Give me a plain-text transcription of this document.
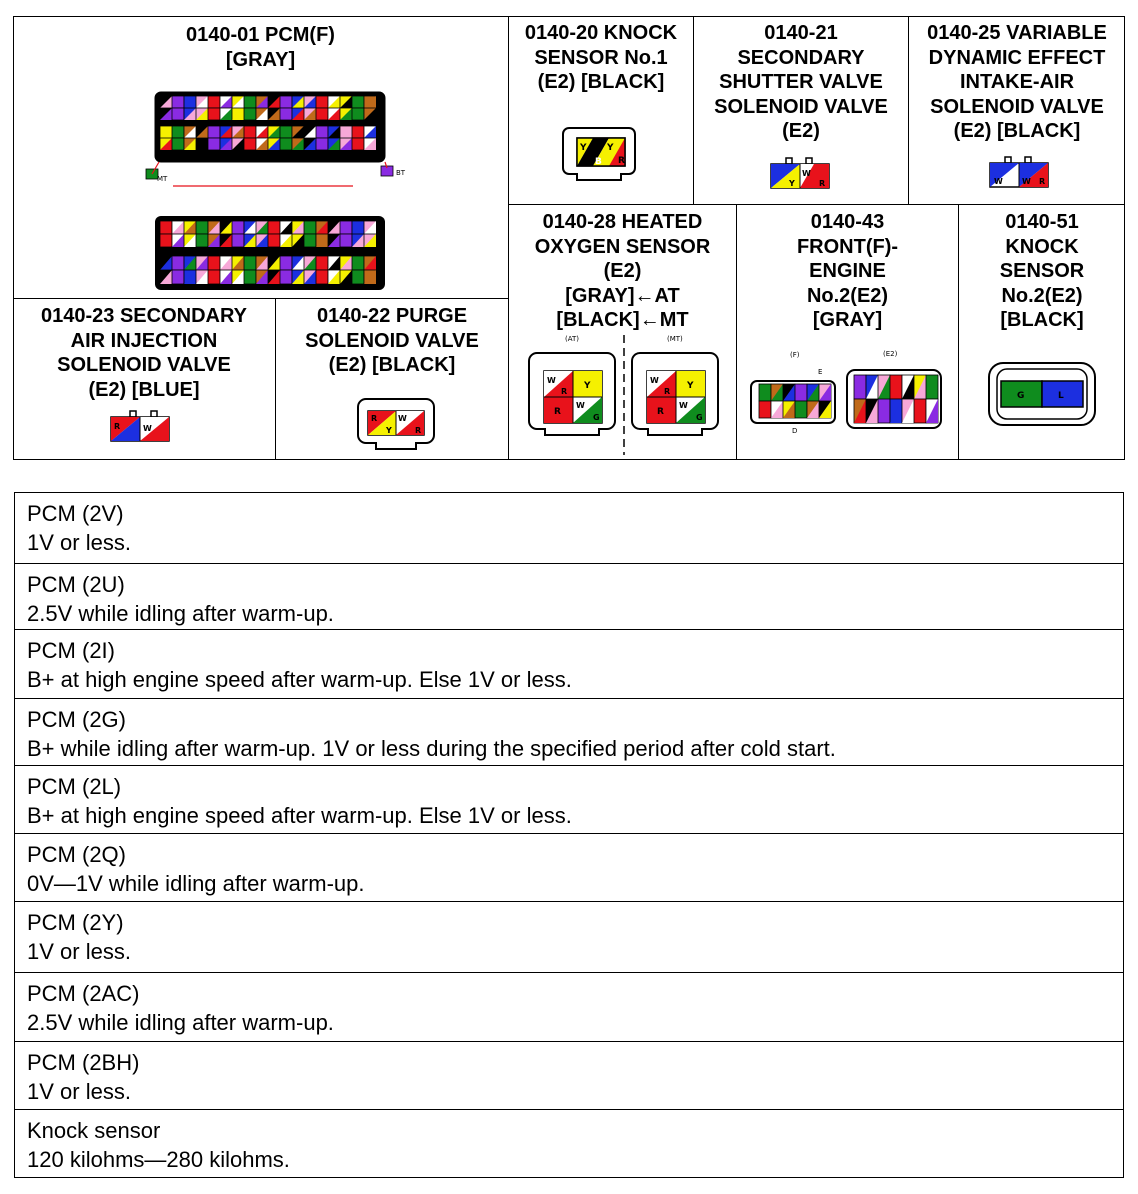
0140-01 PCM(F)
[GRAY]
BT
MT
0140-20 KNOCK
SENSOR No.1
(E2) [BLACK]
Y
B
Y
R
0140-21
SECONDARY
SHUTTER VALVE
SOLENOID VALVE
(E2)
Y
W
R
0140-25 VARIABLE
DYNAMIC EFFECT
INTAKE-AIR
SOLENOID VALVE
(E2) [BLACK]
W W R
0140-23 SECONDARY
AIR INJECTION
SOLENOID VALVE
(E2) [BLUE]
R	W
0140-22 PURGE
SOLENOID VALVE
(E2) [BLACK]
R	W
Y	R
0140-28 HEATED
OXYGEN SENSOR
(E2)
[GRAY]←AT
[BLACK]←MT
(AT)	(MT)
W
R
Y
R
W
G
W
R
Y
R
W
G
0140-43
FRONT(F)-
ENGINE
No.2(E2)
[GRAY]
(F)	(E2)
E
D
0140-51
KNOCK
SENSOR
No.2(E2)
[BLACK]
G	L
PCM (2V)
1V or less.
PCM (2U)
2.5V while idling after warm-up.
PCM (2I)
B+ at high engine speed after warm-up. Else 1V or less.
PCM (2G)
B+ while idling after warm-up. 1V or less during the specified period after cold start.
PCM (2L)
B+ at high engine speed after warm-up. Else 1V or less.
PCM (2Q)
0V—1V while idling after warm-up.
PCM (2Y)
1V or less.
PCM (2AC)
2.5V while idling after warm-up.
PCM (2BH)
1V or less.
Knock sensor
120 kilohms—280 kilohms.
